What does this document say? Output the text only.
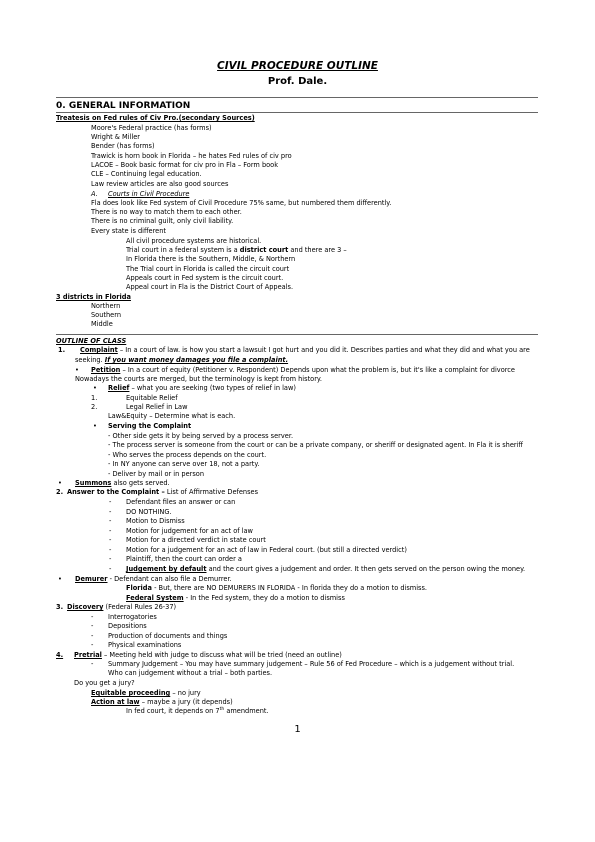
CIVIL PROCEDURE OUTLINE
Prof. Dale.
0. GENERAL INFORMATION
Treatesis on Fed rules of Civ Pro.(secondary Sources)
Moore's Federal practice (has forms)
Wright & Miller
Bender (has forms)
Trawick is horn book in Florida – he hates Fed rules of civ pro
LACOE – Book basic format for civ pro in Fla – Form book
CLE – Continuing legal education.
Law review articles are also good sources
A. Courts in Civil Procedure
Fla does look like Fed system of Civil Procedure 75% same, but numbered them differently.
There is no way to match them to each other.
There is no criminal guilt, only civil liability.
Every state is different
All civil procedure systems are historical.
Trial court in a federal system is a district court and there are 3 –
In Florida there is the Southern, Middle, & Northern
The Trial court in Florida is called the circuit court
Appeals court in Fed system is the circuit court.
Appeal court in Fla is the District Court of Appeals.
3 districts in Florida
Northern
Southern
Middle
OUTLINE OF CLASS
1. Complaint – In a court of law. is how you start a lawsuit I got hurt and you did it. Describes parties and what they did and what you are
seeking. If you want money damages you file a complaint.
• Petition – In a court of equity (Petitioner v. Respondent) Depends upon what the problem is, but it's like a complaint for divorce
Nowadays the courts are merged, but the terminology is kept from history.
• Relief – what you are seeking (two types of relief in law)
1.	Equitable Relief
2.	Legal Relief in Law
Law&Equity – Determine what is each.
• Serving the Complaint
- Other side gets it by being served by a process server.
- The process server is someone from the court or can be a private company, or sheriff or designated agent. In Fla it is sheriff
- Who serves the process depends on the court.
- In NY anyone can serve over 18, not a party.
- Deliver by mail or in person
• Summons also gets served.
2. Answer to the Complaint – List of Affirmative Defenses
- Defendant files an answer or can
- DO NOTHING.
- Motion to Dismiss
- Motion for judgement for an act of law
- Motion for a directed verdict in state court
- Motion for a judgement for an act of law in Federal court. (but still a directed verdict)
- Plaintiff, then the court can order a
- Judgement by default and the court gives a judgement and order. It then gets served on the person owing the money.
• Demurer - Defendant can also file a Demurrer.
Florida - But, there are NO DEMURERS IN FLORIDA - In florida they do a motion to dismiss.
Federal System - In the Fed system, they do a motion to dismiss
3. Discovery (Federal Rules 26-37)
- Interrogatories
- Depositions
- Production of documents and things
- Physical examinations
4. Pretrial – Meeting held with judge to discuss what will be tried (need an outline)
- Summary Judgement – You may have summary judgement – Rule 56 of Fed Procedure – which is a judgement without trial.
Who can judgement without a trial – both parties.
Do you get a jury?
Equitable proceeding – no jury
Action at law – maybe a jury (it depends)
In fed court, it depends on 7th amendment.
1
